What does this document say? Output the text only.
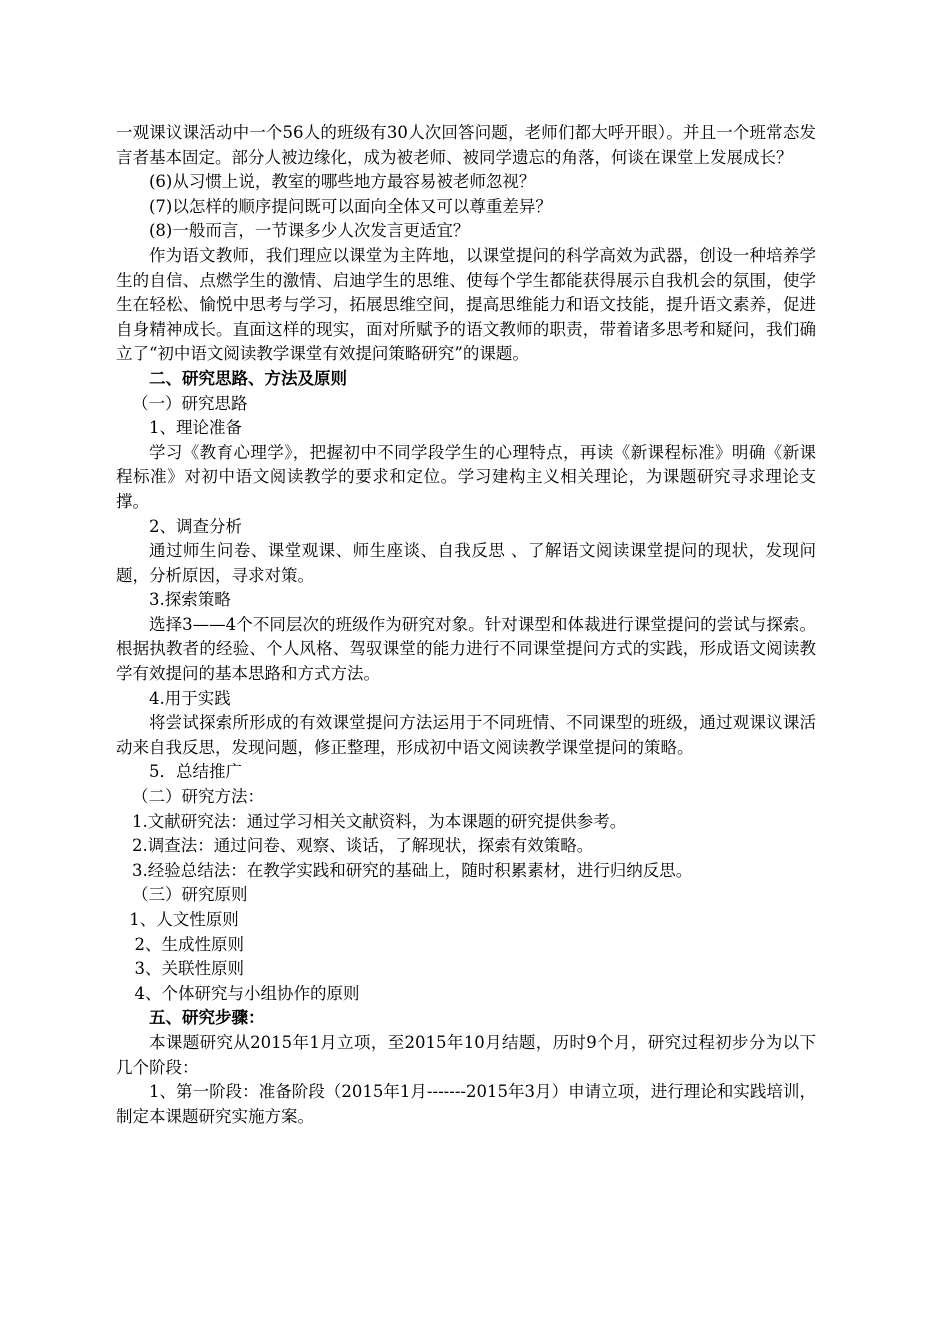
一观课议课活动中一个56人的班级有30人次回答问题，老师们都大呼开眼）。并且一个班常态发言者基本固定。部分人被边缘化，成为被老师、被同学遗忘的角落，何谈在课堂上发展成长？

(6)从习惯上说，教室的哪些地方最容易被老师忽视？

(7)以怎样的顺序提问既可以面向全体又可以尊重差异？

(8)一般而言，一节课多少人次发言更适宜？

作为语文教师，我们理应以课堂为主阵地，以课堂提问的科学高效为武器，创设一种培养学生的自信、点燃学生的激情、启迪学生的思维、使每个学生都能获得展示自我机会的氛围，使学生在轻松、愉悦中思考与学习，拓展思维空间，提高思维能力和语文技能，提升语文素养，促进自身精神成长。直面这样的现实，面对所赋予的语文教师的职责，带着诸多思考和疑问，我们确立了“初中语文阅读教学课堂有效提问策略研究”的课题。

二、研究思路、方法及原则

（一）研究思路

1、理论准备

学习《教育心理学》，把握初中不同学段学生的心理特点，再读《新课程标准》明确《新课程标准》对初中语文阅读教学的要求和定位。学习建构主义相关理论，为课题研究寻求理论支撑。

2、调查分析

通过师生问卷、课堂观课、师生座谈、自我反思 、了解语文阅读课堂提问的现状，发现问题，分析原因，寻求对策。

3.探索策略

选择3——4个不同层次的班级作为研究对象。针对课型和体裁进行课堂提问的尝试与探索。根据执教者的经验、个人风格、驾驭课堂的能力进行不同课堂提问方式的实践，形成语文阅读教学有效提问的基本思路和方式方法。

4.用于实践

将尝试探索所形成的有效课堂提问方法运用于不同班情、不同课型的班级，通过观课议课活动来自我反思，发现问题，修正整理，形成初中语文阅读教学课堂提问的策略。

5．总结推广

（二）研究方法：

1.文献研究法：通过学习相关文献资料，为本课题的研究提供参考。

2.调查法：通过问卷、观察、谈话，了解现状，探索有效策略。

3.经验总结法：在教学实践和研究的基础上，随时积累素材，进行归纳反思。

（三）研究原则

1、人文性原则

2、生成性原则

3、关联性原则

4、个体研究与小组协作的原则

五、研究步骤：

本课题研究从2015年1月立项，至2015年10月结题，历时9个月，研究过程初步分为以下几个阶段：

1、第一阶段：准备阶段（2015年1月-------2015年3月）申请立项，进行理论和实践培训，制定本课题研究实施方案。
